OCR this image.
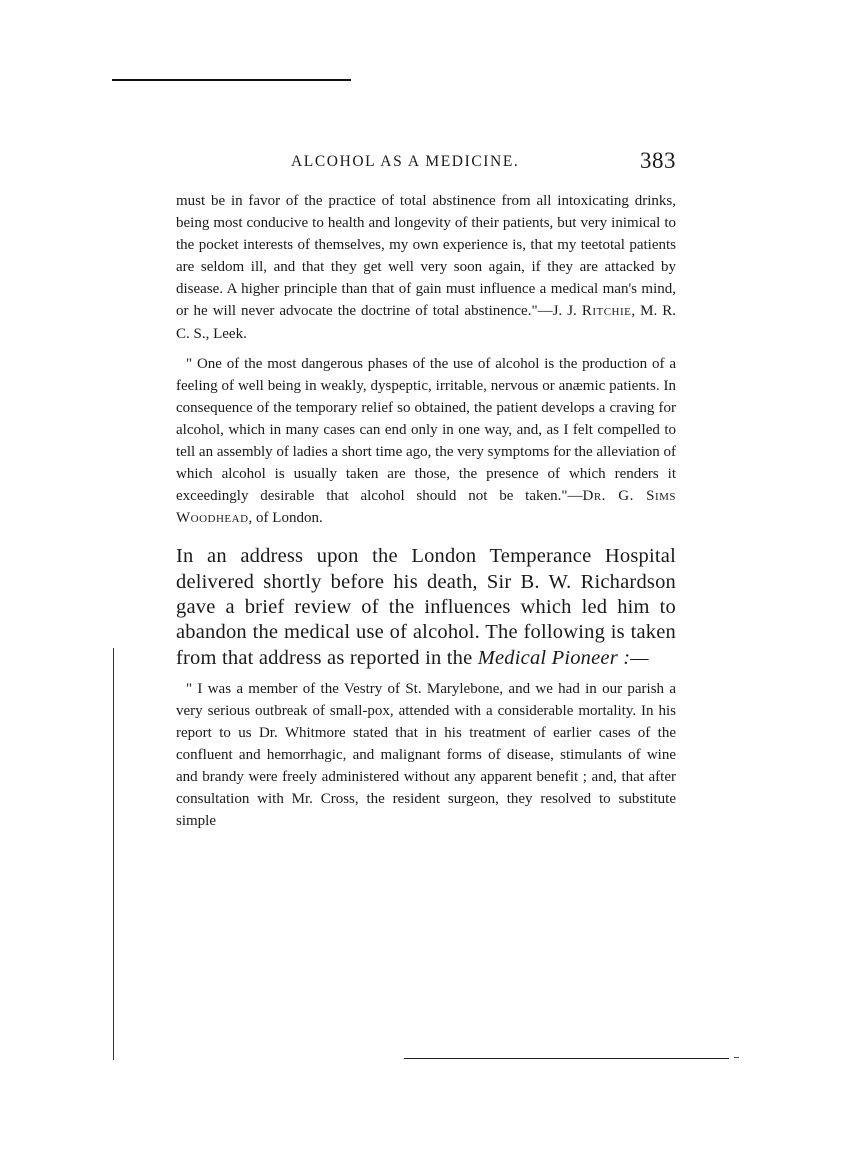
ALCOHOL AS A MEDICINE.	383

must be in favor of the practice of total abstinence from all intoxicating drinks, being most conducive to health and longevity of their patients, but very inimical to the pocket interests of themselves, my own experience is, that my teetotal patients are seldom ill, and that they get well very soon again, if they are attacked by disease. A higher principle than that of gain must influence a medical man's mind, or he will never advocate the doctrine of total abstinence."—J. J. Ritchie, M. R. C. S., Leek.

" One of the most dangerous phases of the use of alcohol is the production of a feeling of well being in weakly, dyspeptic, irritable, nervous or anæmic patients. In consequence of the temporary relief so obtained, the patient develops a craving for alcohol, which in many cases can end only in one way, and, as I felt compelled to tell an assembly of ladies a short time ago, the very symptoms for the alleviation of which alcohol is usually taken are those, the presence of which renders it exceedingly desirable that alcohol should not be taken."—Dr. G. Sims Woodhead, of London.

In an address upon the London Temperance Hospital delivered shortly before his death, Sir B. W. Richardson gave a brief review of the influences which led him to abandon the medical use of alcohol. The following is taken from that address as reported in the Medical Pioneer :—

" I was a member of the Vestry of St. Marylebone, and we had in our parish a very serious outbreak of small-pox, attended with a considerable mortality. In his report to us Dr. Whitmore stated that in his treatment of earlier cases of the confluent and hemorrhagic, and malignant forms of disease, stimulants of wine and brandy were freely administered without any apparent benefit ; and, that after consultation with Mr. Cross, the resident surgeon, they resolved to substitute simple
